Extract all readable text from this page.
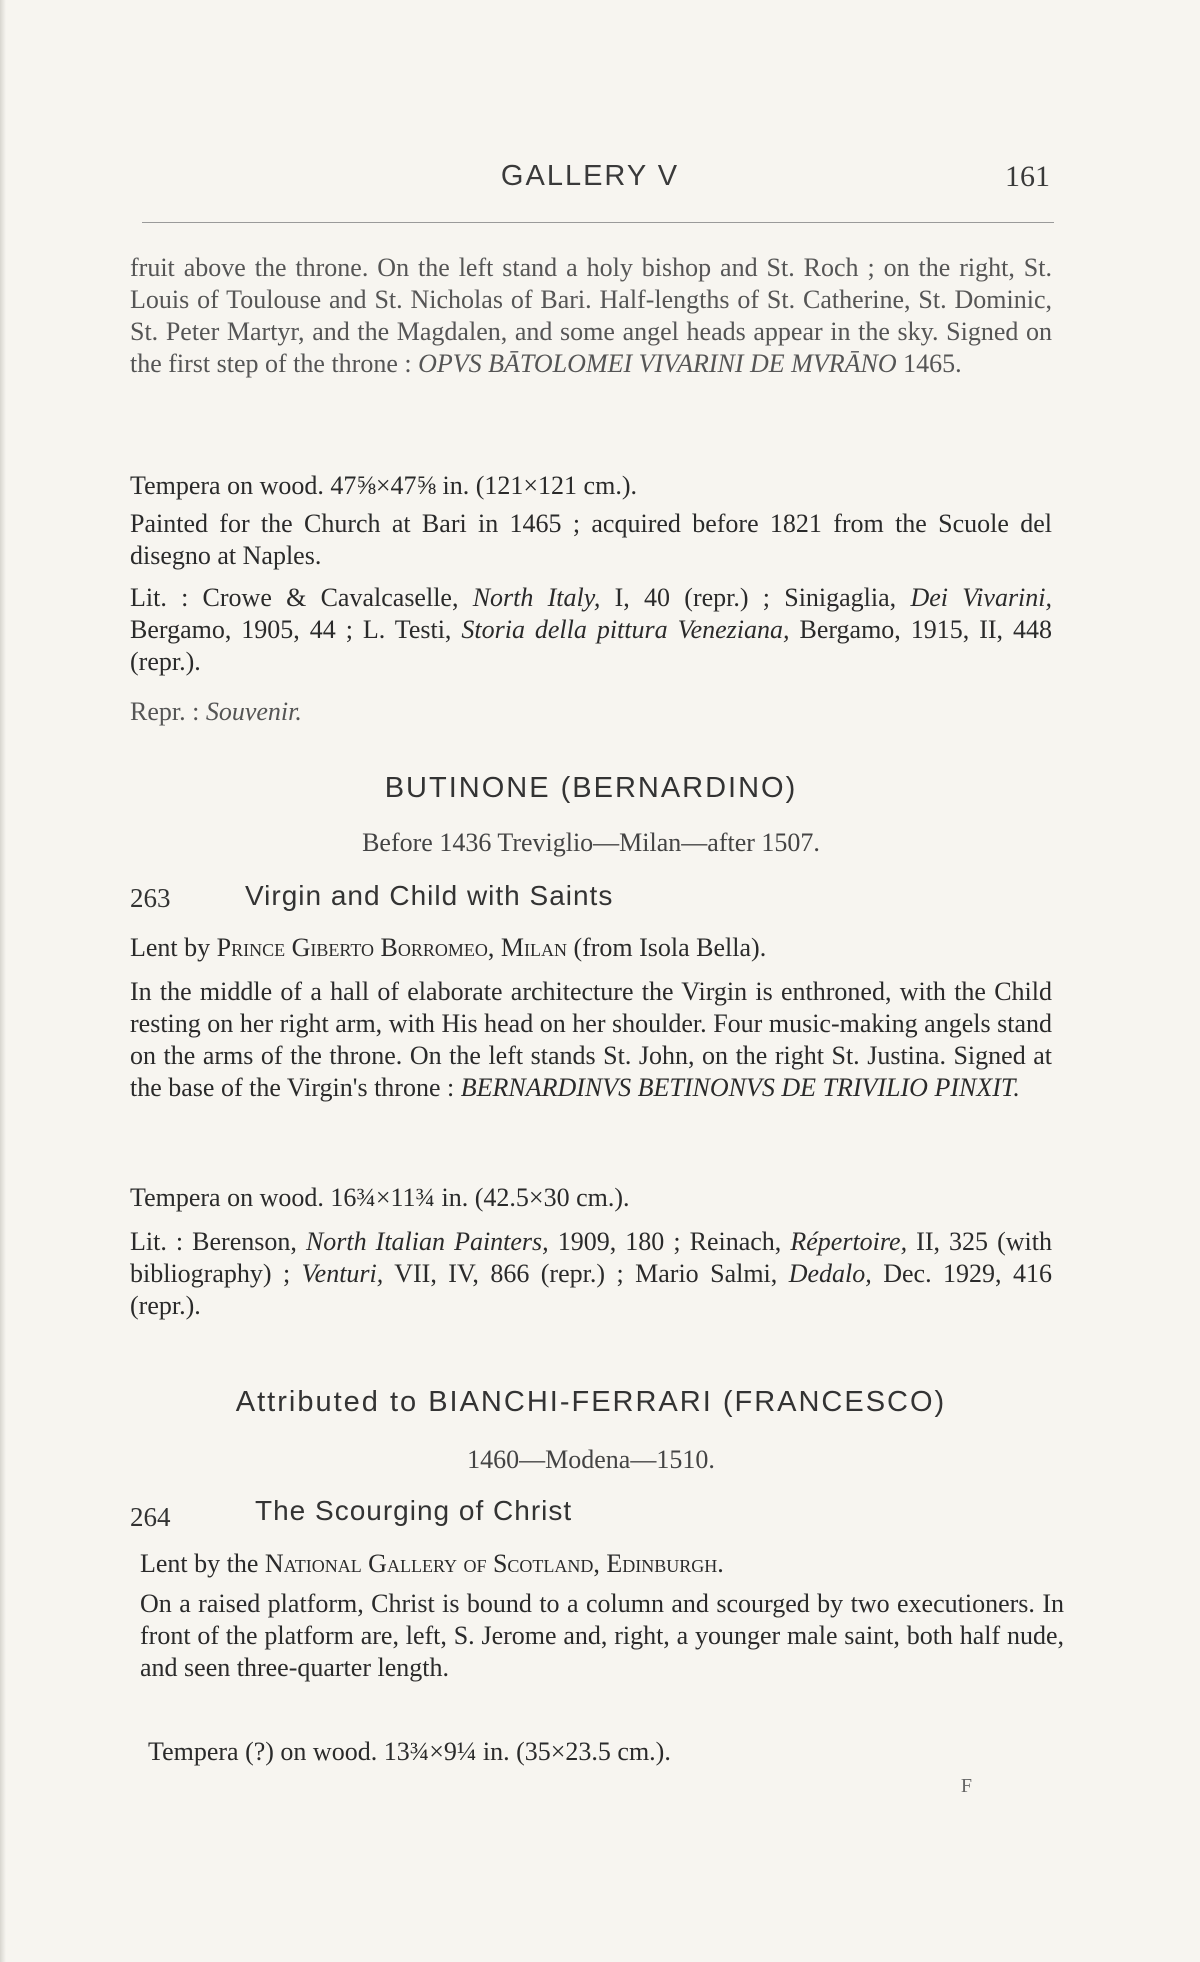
GALLERY V	161

fruit above the throne. On the left stand a holy bishop and St. Roch ; on the right, St. Louis of Toulouse and St. Nicholas of Bari. Half-lengths of St. Catherine, St. Dominic, St. Peter Martyr, and the Magdalen, and some angel heads appear in the sky. Signed on the first step of the throne : OPVS BĀTOLOMEI VIVARINI DE MVRĀNO 1465.

Tempera on wood. 47⅝×47⅝ in. (121×121 cm.).

Painted for the Church at Bari in 1465 ; acquired before 1821 from the Scuole del disegno at Naples.

Lit. : Crowe & Cavalcaselle, North Italy, I, 40 (repr.) ; Sinigaglia, Dei Vivarini, Bergamo, 1905, 44 ; L. Testi, Storia della pittura Veneziana, Bergamo, 1915, II, 448 (repr.).

Repr. : Souvenir.

BUTINONE (BERNARDINO)
Before 1436 Treviglio—Milan—after 1507.
263	Virgin and Child with Saints

Lent by Prince Giberto Borromeo, Milan (from Isola Bella).

In the middle of a hall of elaborate architecture the Virgin is enthroned, with the Child resting on her right arm, with His head on her shoulder. Four music-making angels stand on the arms of the throne. On the left stands St. John, on the right St. Justina. Signed at the base of the Virgin's throne : BERNARDINVS BETINONVS DE TRIVILIO PINXIT.

Tempera on wood. 16¾×11¾ in. (42.5×30 cm.).

Lit. : Berenson, North Italian Painters, 1909, 180 ; Reinach, Répertoire, II, 325 (with bibliography) ; Venturi, VII, IV, 866 (repr.) ; Mario Salmi, Dedalo, Dec. 1929, 416 (repr.).

Attributed to BIANCHI-FERRARI (FRANCESCO)
1460—Modena—1510.
264	The Scourging of Christ

Lent by the National Gallery of Scotland, Edinburgh.

On a raised platform, Christ is bound to a column and scourged by two executioners. In front of the platform are, left, S. Jerome and, right, a younger male saint, both half nude, and seen three-quarter length.

Tempera (?) on wood. 13¾×9¼ in. (35×23.5 cm.).

F
